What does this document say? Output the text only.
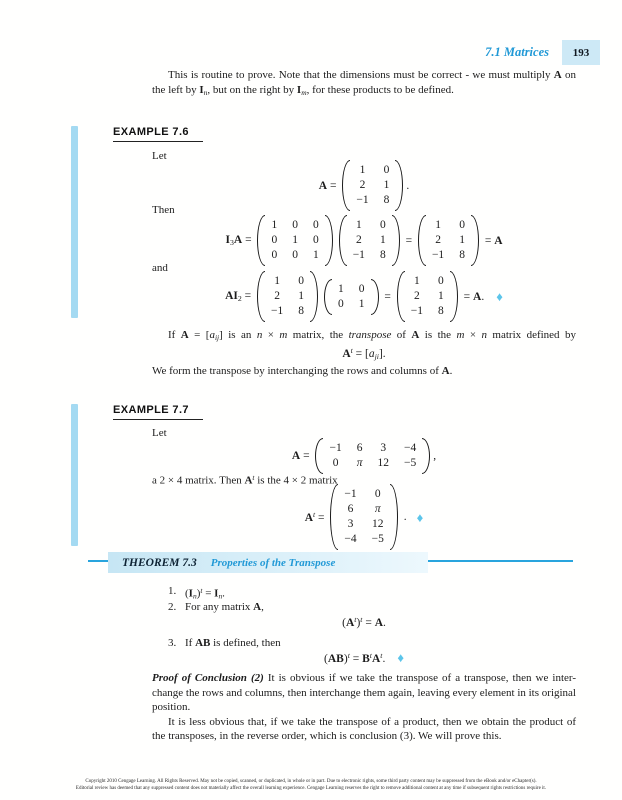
7.1 Matrices	193
This is routine to prove. Note that the dimensions must be correct - we must multiply A on
the left by In, but on the right by Im, for these products to be defined.
EXAMPLE 7.6
Let
A =
1 0
2 1
−1 8
.
Then
I3A =
1 0 0
0 1 0
0 0 1
1 0
2 1
−1 8
=
1 0
2 1
−1 8
= A
and
AI2 =
1 0
2 1
−1 8
1 0
0 1
=
1 0
2 1
−1 8
= A. ♦
If A = [aij] is an n × m matrix, the transpose of A is the m × n matrix defined by
$A^t = [aji]$.
We form the transpose by interchanging the rows and columns of A.
EXAMPLE 7.7
Let
A =
−1 6 3 −4
0 π 12 −5
,
a 2 × 4 matrix. Then $A^t$ is the 4 × 2 matrix
$A^t$ =
−1 0
6 π
3 12
−4 −5
. ♦
THEOREM 7.3 Properties of the Transpose
1. $(In)^t = In$.
2. For any matrix A,
$(A^t)^t = A$.
3. If AB is defined, then
$(AB)^t = B^tA^t$. ♦
Proof of Conclusion (2) It is obvious if we take the transpose of a transpose, then we inter-
change the rows and columns, then interchange them again, leaving every element in its original
position.
It is less obvious that, if we take the transpose of a product, then we obtain the product of
the transposes, in the reverse order, which is conclusion (3). We will prove this.
Copyright 2010 Cengage Learning. All Rights Reserved. May not be copied, scanned, or duplicated, in whole or in part. Due to electronic rights, some third party content may be suppressed from the eBook and/or eChapter(s).
Editorial review has deemed that any suppressed content does not materially affect the overall learning experience. Cengage Learning reserves the right to remove additional content at any time if subsequent rights restrictions require it.
